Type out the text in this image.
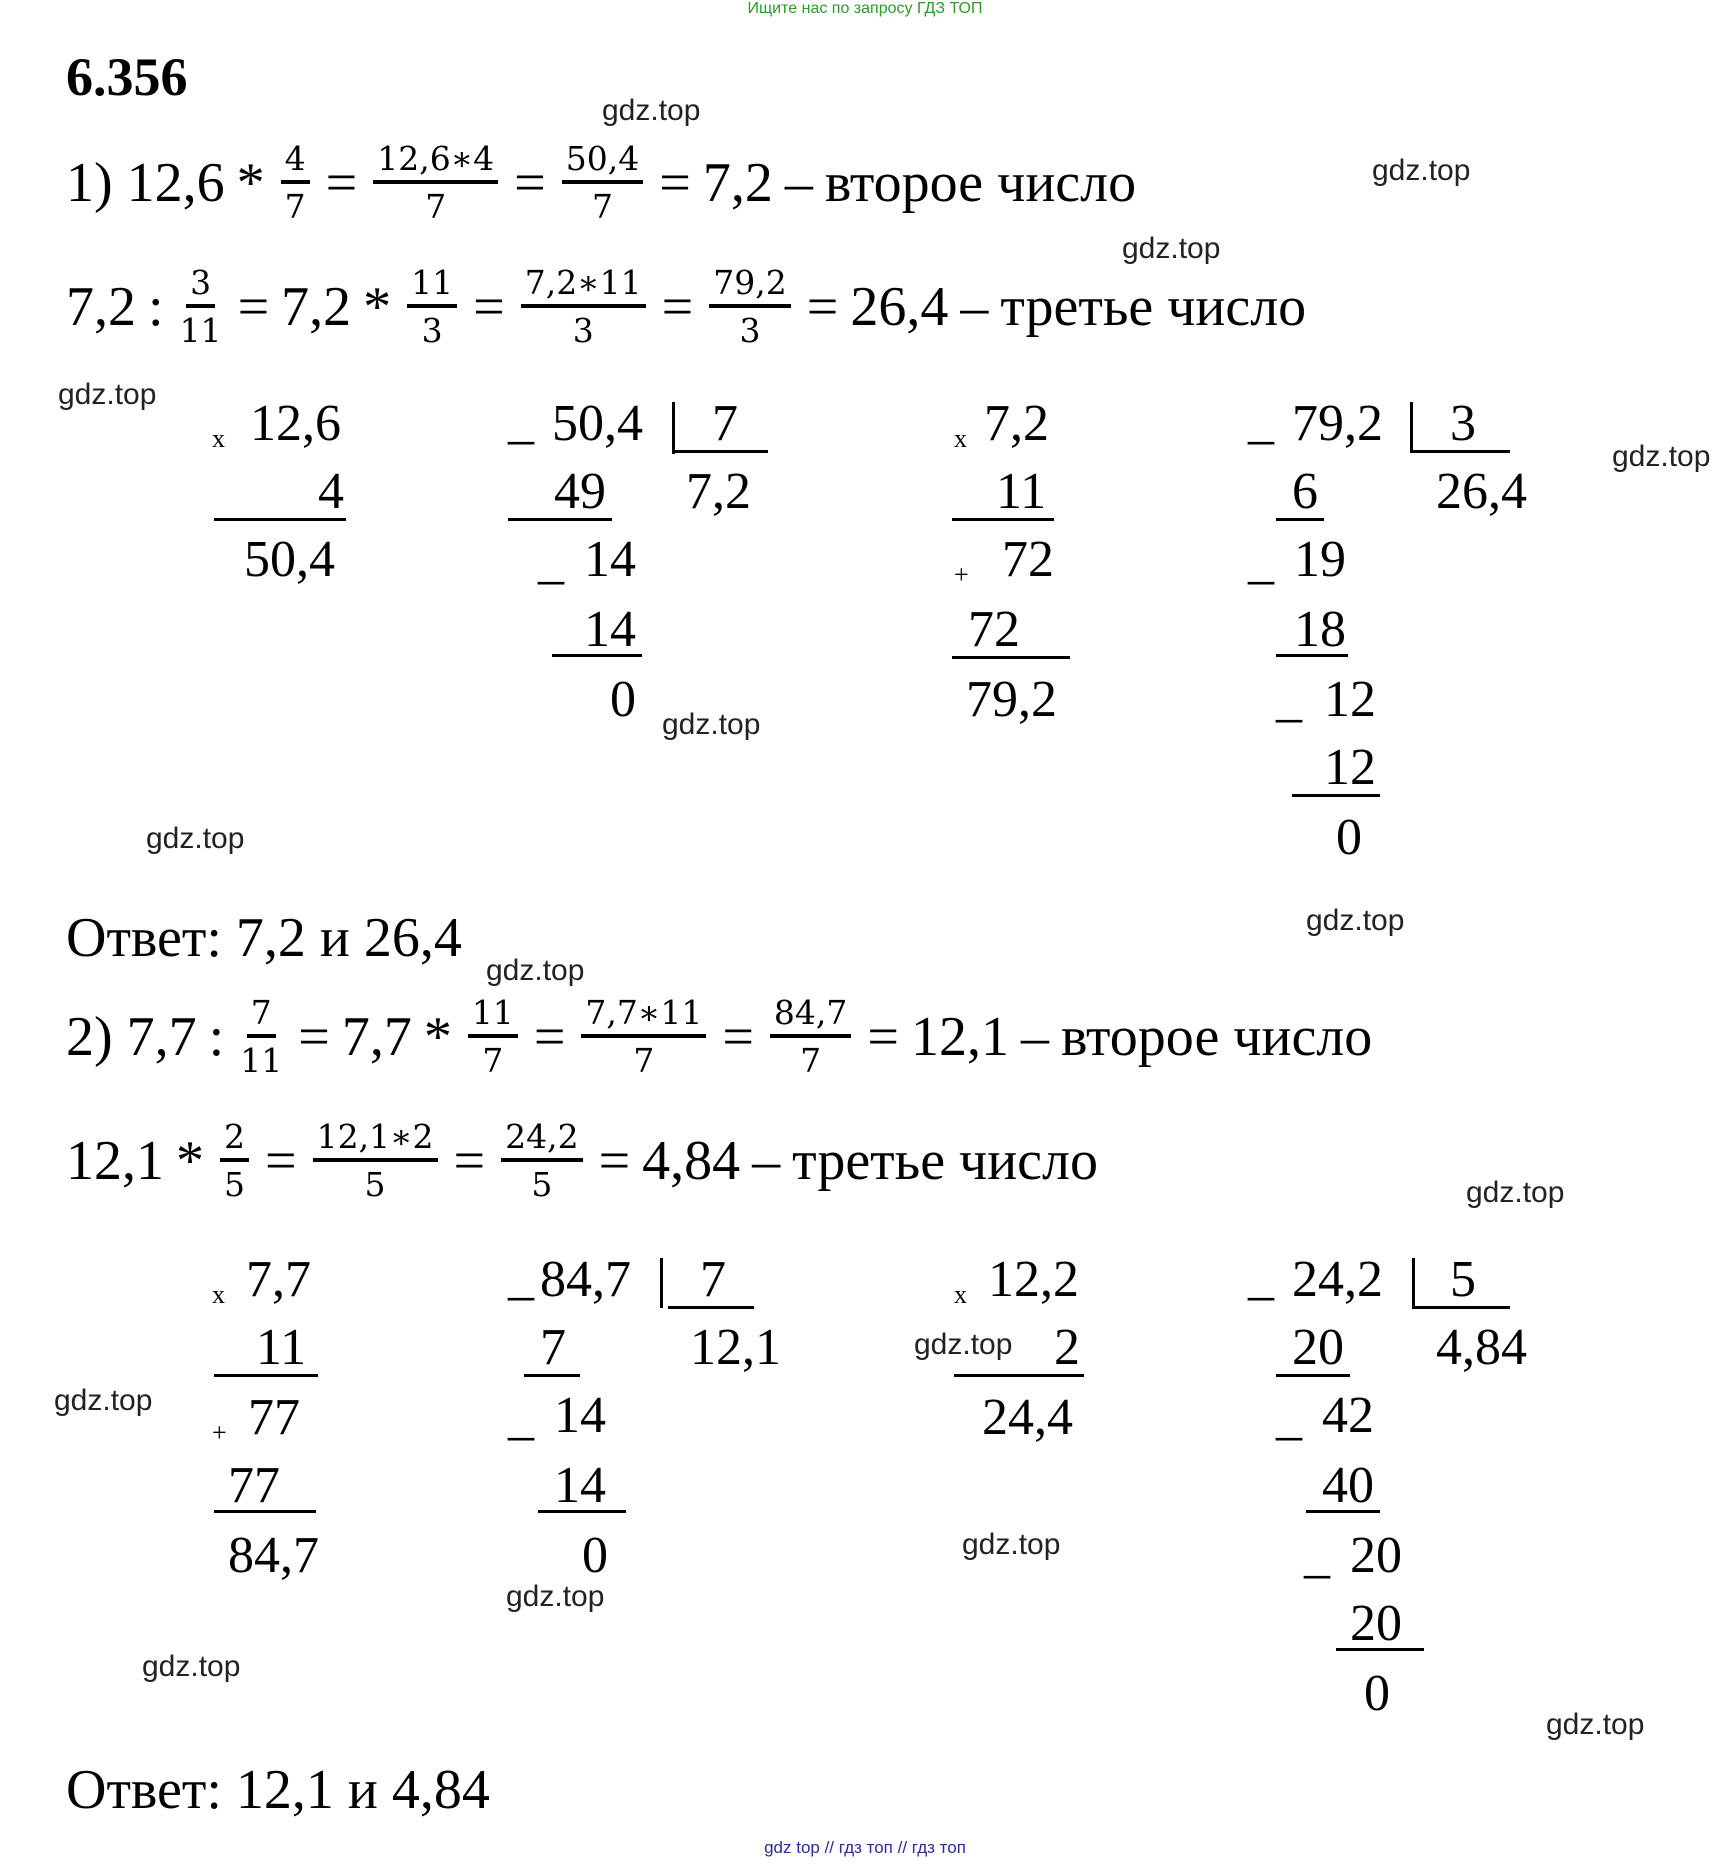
Ищите нас по запросу ГДЗ ТОП
gdz top // гдз топ // гдз топ
6.356
gdz.top
gdz.top
gdz.top
gdz.top
gdz.top
gdz.top
gdz.top
gdz.top
gdz.top
gdz.top
gdz.top
gdz.top
gdz.top
gdz.top
gdz.top
gdz.top
1) $12,6 * \frac{4}{7} = \frac{12,6∗4}{7} = \frac{50,4}{7} = 7,2$ – второе число
7,2 : $\frac{3}{11} = 7,2 * \frac{11}{3} = \frac{7,2∗11}{3} = \frac{79,2}{3} = 26,4$ – третье число
x 12,6
4
50,4
_ 50,4 7
7,2
49
_ 14
14
0
x 7,2
11
+ 72
72
79,2
_ 79,2 3
26,4
6
_ 19
18
_ 12
12
0
Ответ: 7,2 и 26,4
2) 7,7 : $\frac{7}{11} = 7,7 * \frac{11}{7} = \frac{7,7∗11}{7} = \frac{84,7}{7} = 12,1$ – второе число
$12,1 * \frac{2}{5} = \frac{12,1∗2}{5} = \frac{24,2}{5} = 4,84$ – третье число
x 7,7
11
+ 77
77
84,7
_ 84,7 7
12,1
7
_ 14
14
0
x 12,2
2
24,4
_ 24,2 5
4,84
20
_ 42
40
_ 20
20
0
Ответ: 12,1 и 4,84
